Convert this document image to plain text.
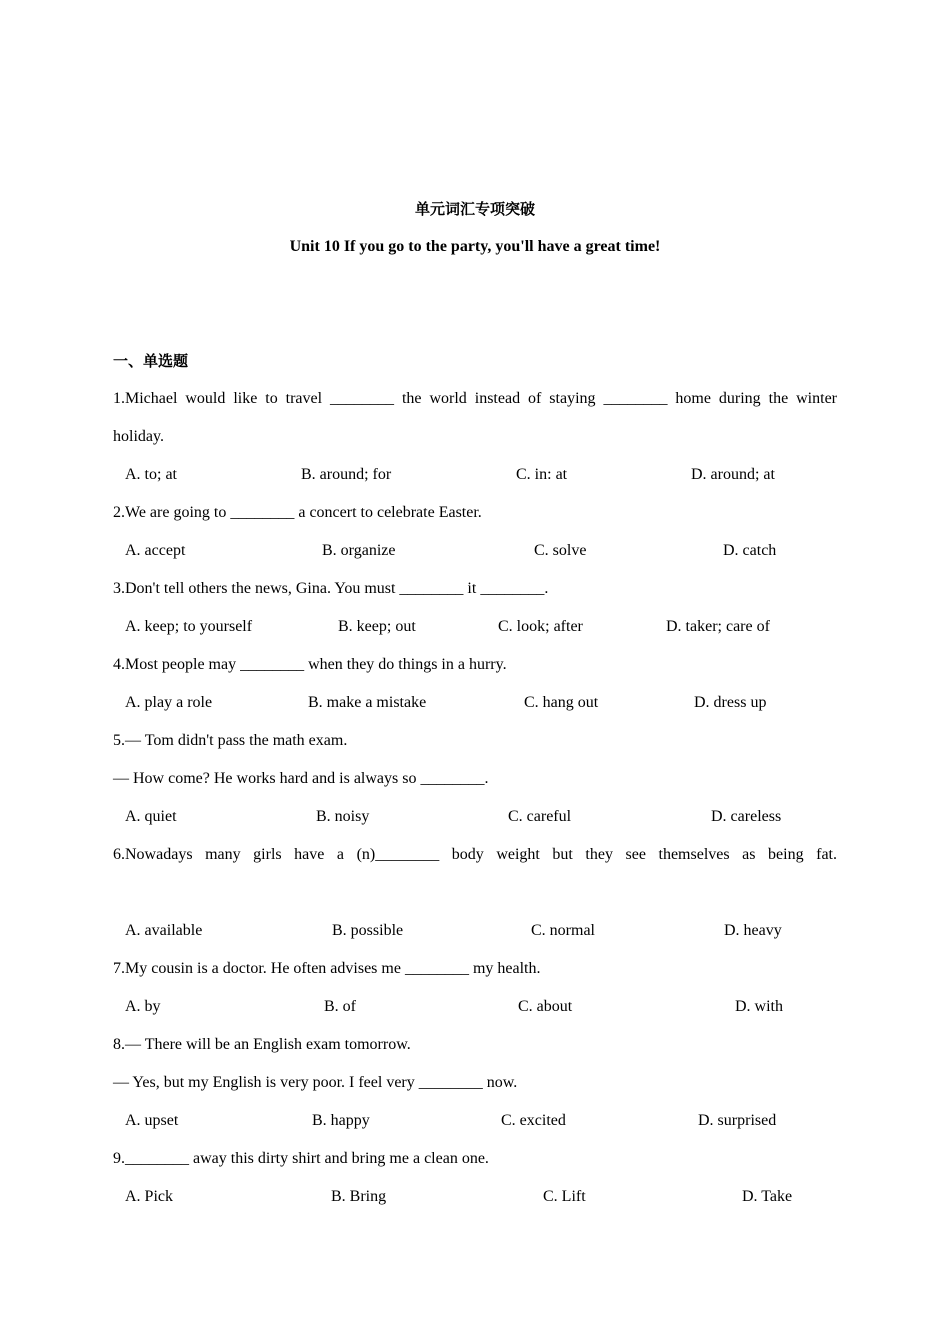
单元词汇专项突破
Unit 10 If you go to the party, you'll have a great time!
一、单选题
1.Michael would like to travel ________ the world instead of staying ________ home during the winter
holiday.
A. to; at	B. around; for	C. in: at	D. around; at
2.We are going to ________ a concert to celebrate Easter.
A. accept	B. organize	C. solve	D. catch
3.Don't tell others the news, Gina. You must ________ it ________.
A. keep; to yourself	B. keep; out	C. look; after	D. taker; care of
4.Most people may ________ when they do things in a hurry.
A. play a role	B. make a mistake	C. hang out	D. dress up
5.— Tom didn't pass the math exam.
— How come? He works hard and is always so ________.
A. quiet	B. noisy	C. careful	D. careless
6.Nowadays many girls have a (n)________ body weight but they see themselves as being fat.
A. available	B. possible	C. normal	D. heavy
7.My cousin is a doctor. He often advises me ________ my health.
A. by	B. of	C. about	D. with
8.— There will be an English exam tomorrow.
— Yes, but my English is very poor. I feel very ________ now.
A. upset	B. happy	C. excited	D. surprised
9.________ away this dirty shirt and bring me a clean one.
A. Pick	B. Bring	C. Lift	D. Take
